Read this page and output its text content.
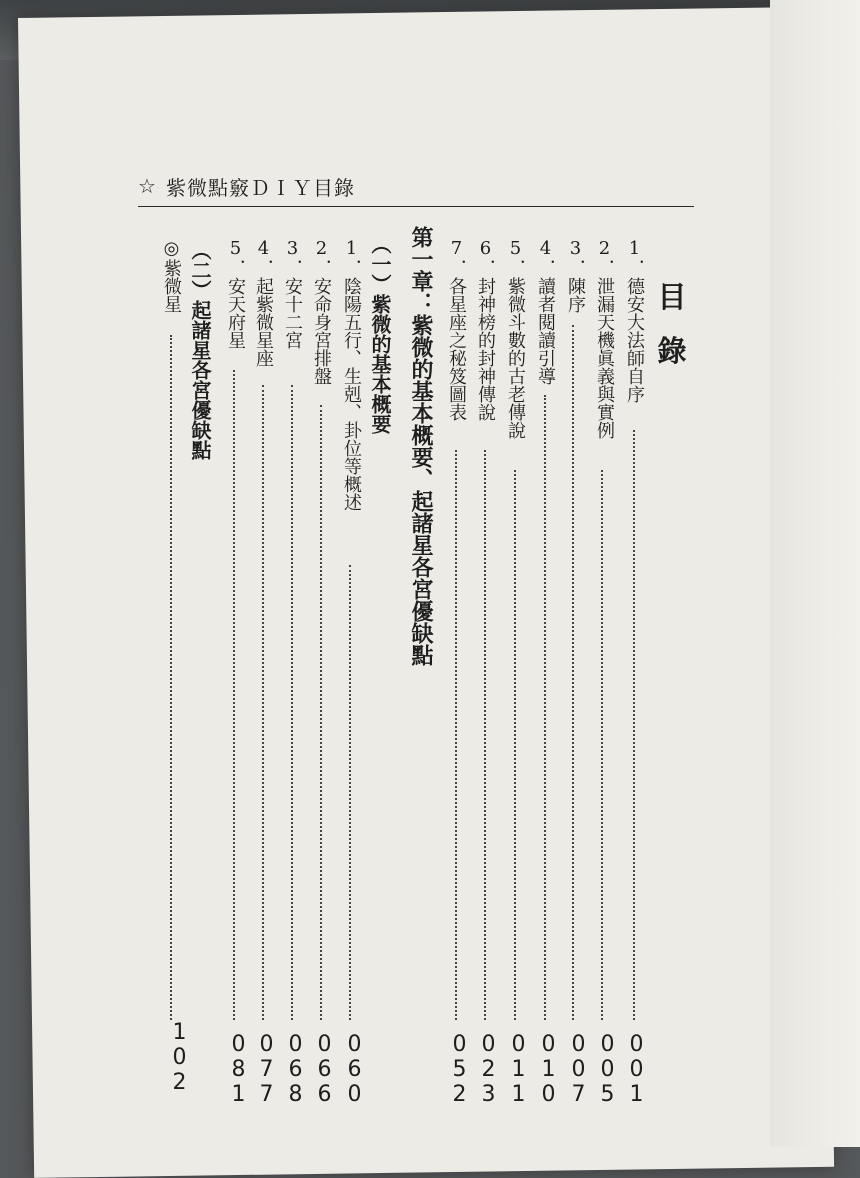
☆ 紫微點竅ＤＩＹ目錄
目 錄
1．德安大法師自序
001
2．泄漏天機眞義與實例
005
3．陳序
007
4．讀者閱讀引導
010
5．紫微斗數的古老傳說
011
6．封神榜的封神傳說
023
7．各星座之秘笈圖表
052
第一章：紫微的基本概要、起諸星各宮優缺點
（一）紫微的基本概要
1．陰陽五行、生剋、卦位等概述
060
2．安命身宮排盤
066
3．安十二宮
068
4．起紫微星座
077
5．安天府星
081
（二）起諸星各宮優缺點
◎紫微星
102
